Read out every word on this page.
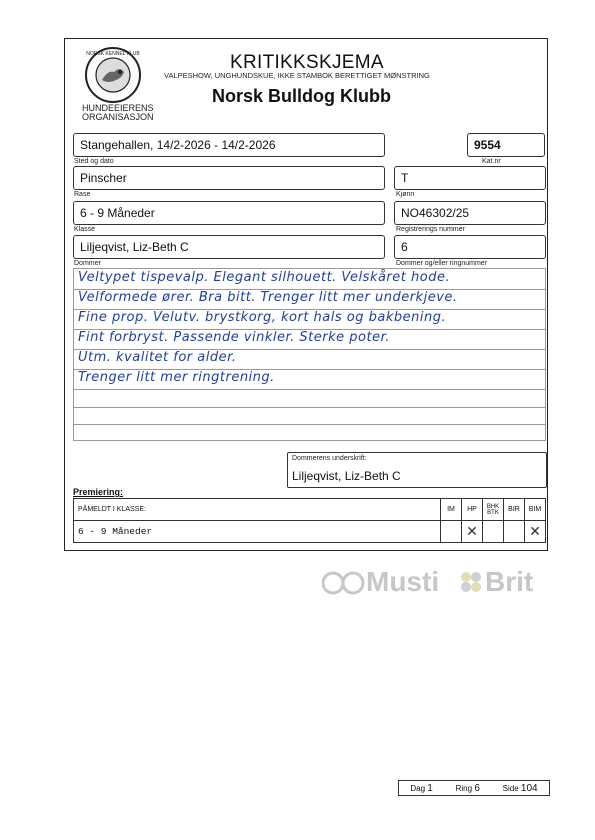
NORSK KENNEL KLUB
HUNDEEIERENS
ORGANISASJON
KRITIKKSKJEMA
VALPESHOW, UNGHUNDSKUE, IKKE STAMBOK BERETTIGET MØNSTRING
Norsk Bulldog Klubb
Stangehallen, 14/2-2026 - 14/2-2026
Sted og dato
9554
Kat.nr
Pinscher
Rase
T
Kjønn
6 - 9 Måneder
Klasse
NO46302/25
Registrerings nummer
Liljeqvist, Liz-Beth C
Dommer
6
Dommer og/eller ringnummer
Veltypet tispevalp. Elegant silhouett. Velskåret hode.
Velformede ører. Bra bitt. Trenger litt mer underkjeve.
Fine prop. Velutv. brystkorg, kort hals og bakbening.
Fint forbryst. Passende vinkler. Sterke poter.
Utm. kvalitet for alder.
Trenger litt mer ringtrening.
Dommerens underskrift:
Liljeqvist, Liz-Beth C
Premiering:
PÅMELDT I KLASSE:	IM	HP	BHK BTK	BIR	BIM
6 - 9 Måneder		✕			✕
Musti Brit
Dag 1	Ring 6	Side 104
